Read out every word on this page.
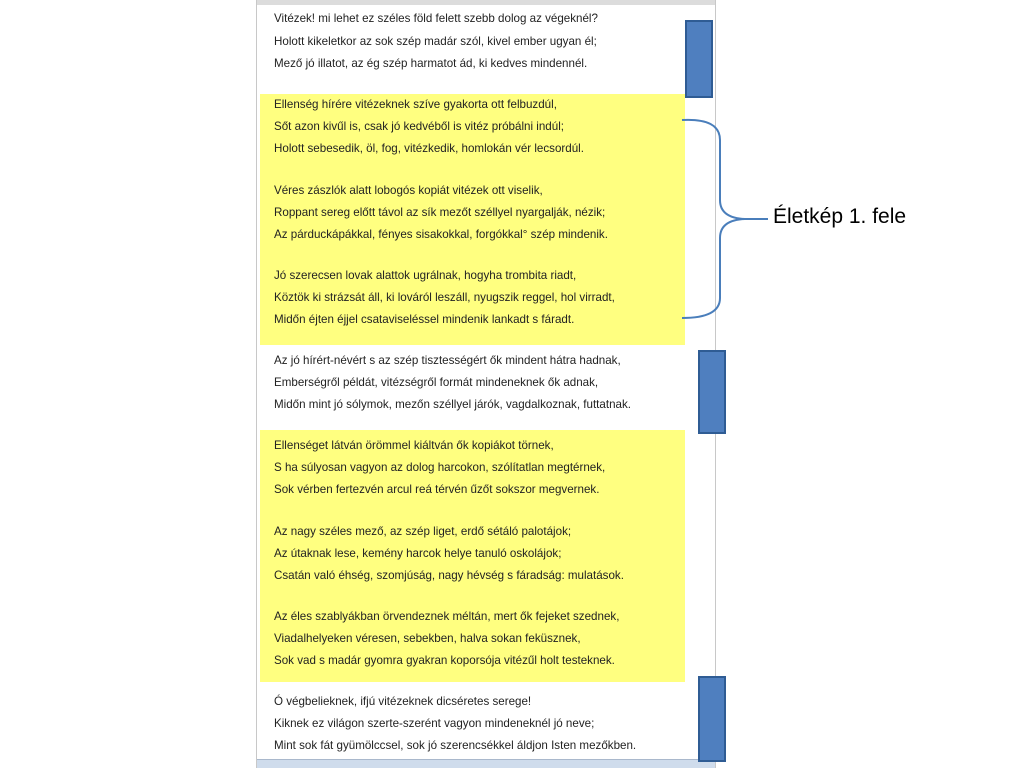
Vitézek! mi lehet ez széles föld felett szebb dolog az végeknél?
Holott kikeletkor az sok szép madár szól, kivel ember ugyan él;
Mező jó illatot, az ég szép harmatot ád, ki kedves mindennél.
Ellenség hírére vitézeknek szíve gyakorta ott felbuzdúl,
Sőt azon kivűl is, csak jó kedvéből is vitéz próbálni indúl;
Holott sebesedik, öl, fog, vitézkedik, homlokán vér lecsordúl.
Véres zászlók alatt lobogós kopiát vitézek ott viselik,
Roppant sereg előtt távol az sík mezőt széllyel nyargalják, nézik;
Az párduckápákkal, fényes sisakokkal, forgókkal° szép mindenik.
Jó szerecsen lovak alattok ugrálnak, hogyha trombita riadt,
Köztök ki strázsát áll, ki lováról leszáll, nyugszik reggel, hol virradt,
Midőn éjten éjjel csataviseléssel mindenik lankadt s fáradt.
Az jó hírért-névért s az szép tisztességért ők mindent hátra hadnak,
Emberségről példát, vitézségről formát mindeneknek ők adnak,
Midőn mint jó sólymok, mezőn széllyel járók, vagdalkoznak, futtatnak.
Ellenséget látván örömmel kiáltván ők kopiákot törnek,
S ha súlyosan vagyon az dolog harcokon, szólítatlan megtérnek,
Sok vérben fertezvén arcul reá térvén űzőt sokszor megvernek.
Az nagy széles mező, az szép liget, erdő sétáló palotájok;
Az útaknak lese, kemény harcok helye tanuló oskolájok;
Csatán való éhség, szomjúság, nagy hévség s fáradság: mulatások.
Az éles szablyákban örvendeznek méltán, mert ők fejeket szednek,
Viadalhelyeken véresen, sebekben, halva sokan feküsznek,
Sok vad s madár gyomra gyakran koporsója vitézűl holt testeknek.
Ó végbelieknek, ifjú vitézeknek dicséretes serege!
Kiknek ez világon szerte-szerént vagyon mindeneknél jó neve;
Mint sok fát gyümölccsel, sok jó szerencsékkel áldjon Isten mezőkben.
Életkép 1. fele
